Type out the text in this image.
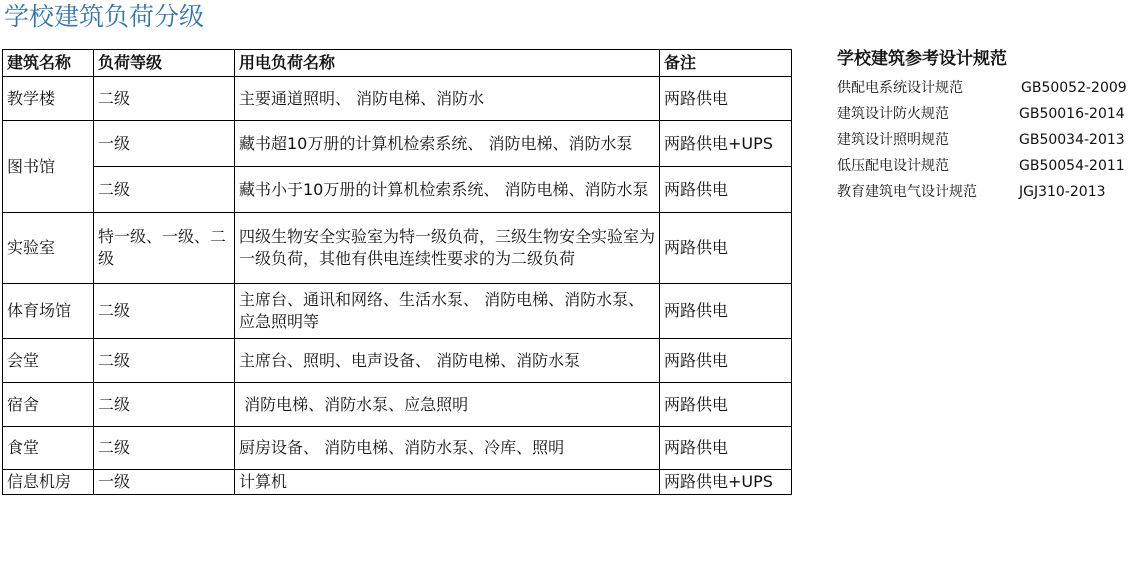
学校建筑负荷分级
建筑名称	负荷等级	用电负荷名称	备注
教学楼	二级	主要通道照明、 消防电梯、消防水	两路供电
图书馆	一级	藏书超10万册的计算机检索系统、 消防电梯、消防水泵	两路供电+UPS
	二级	藏书小于10万册的计算机检索系统、 消防电梯、消防水泵	两路供电
实验室	特一级、一级、二级	四级生物安全实验室为特一级负荷，三级生物安全实验室为一级负荷，其他有供电连续性要求的为二级负荷	两路供电
体育场馆	二级	主席台、通讯和网络、生活水泵、 消防电梯、消防水泵、应急照明等	两路供电
会堂	二级	主席台、照明、电声设备、 消防电梯、消防水泵	两路供电
宿舍	二级	消防电梯、消防水泵、应急照明	两路供电
食堂	二级	厨房设备、 消防电梯、消防水泵、冷库、照明	两路供电
信息机房	一级	计算机	两路供电+UPS
学校建筑参考设计规范
供配电系统设计规范	GB50052-2009
建筑设计防火规范	GB50016-2014
建筑设计照明规范	GB50034-2013
低压配电设计规范	GB50054-2011
教育建筑电气设计规范	JGJ310-2013
